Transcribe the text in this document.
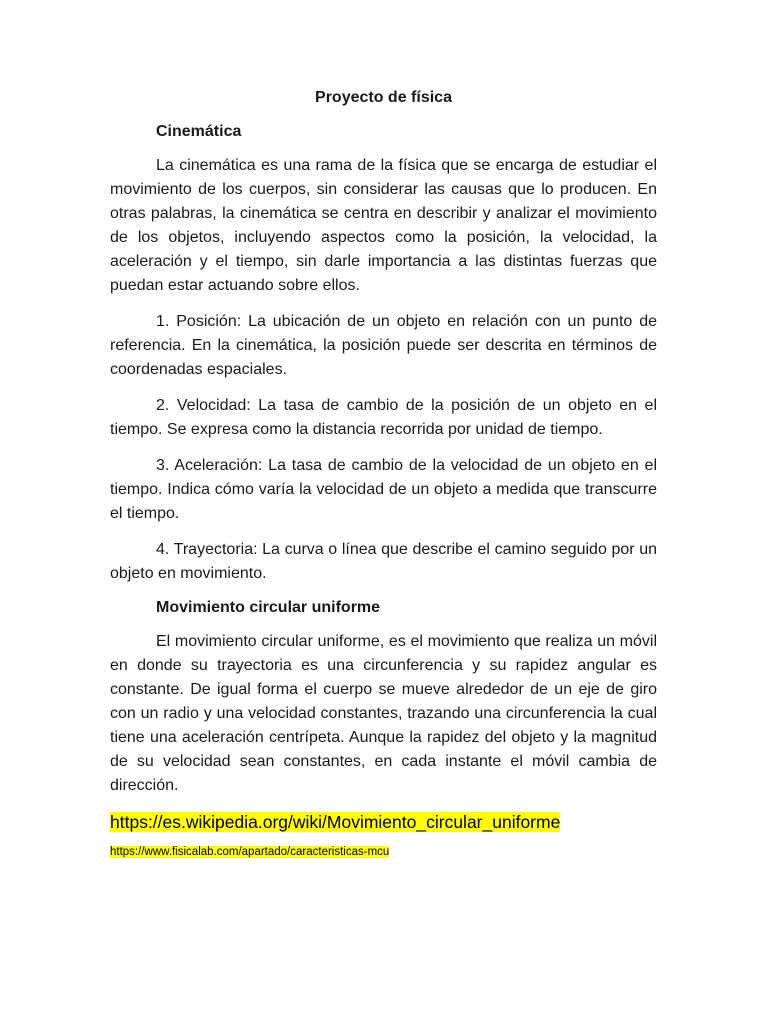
Proyecto de física
Cinemática

La cinemática es una rama de la física que se encarga de estudiar el movimiento de los cuerpos, sin considerar las causas que lo producen. En otras palabras, la cinemática se centra en describir y analizar el movimiento de los objetos, incluyendo aspectos como la posición, la velocidad, la aceleración y el tiempo, sin darle importancia a las distintas fuerzas que puedan estar actuando sobre ellos.

1. Posición: La ubicación de un objeto en relación con un punto de referencia. En la cinemática, la posición puede ser descrita en términos de coordenadas espaciales.

2. Velocidad: La tasa de cambio de la posición de un objeto en el tiempo. Se expresa como la distancia recorrida por unidad de tiempo.

3. Aceleración: La tasa de cambio de la velocidad de un objeto en el tiempo. Indica cómo varía la velocidad de un objeto a medida que transcurre el tiempo.

4. Trayectoria: La curva o línea que describe el camino seguido por un objeto en movimiento.

Movimiento circular uniforme

El movimiento circular uniforme, es el movimiento que realiza un móvil en donde su trayectoria es una circunferencia y su rapidez angular es constante. De igual forma el cuerpo se mueve alrededor de un eje de giro con un radio y una velocidad constantes, trazando una circunferencia la cual tiene una aceleración centrípeta. Aunque la rapidez del objeto y la magnitud de su velocidad sean constantes, en cada instante el móvil cambia de dirección.

https://es.wikipedia.org/wiki/Movimiento_circular_uniforme
https://www.fisicalab.com/apartado/caracteristicas-mcu
